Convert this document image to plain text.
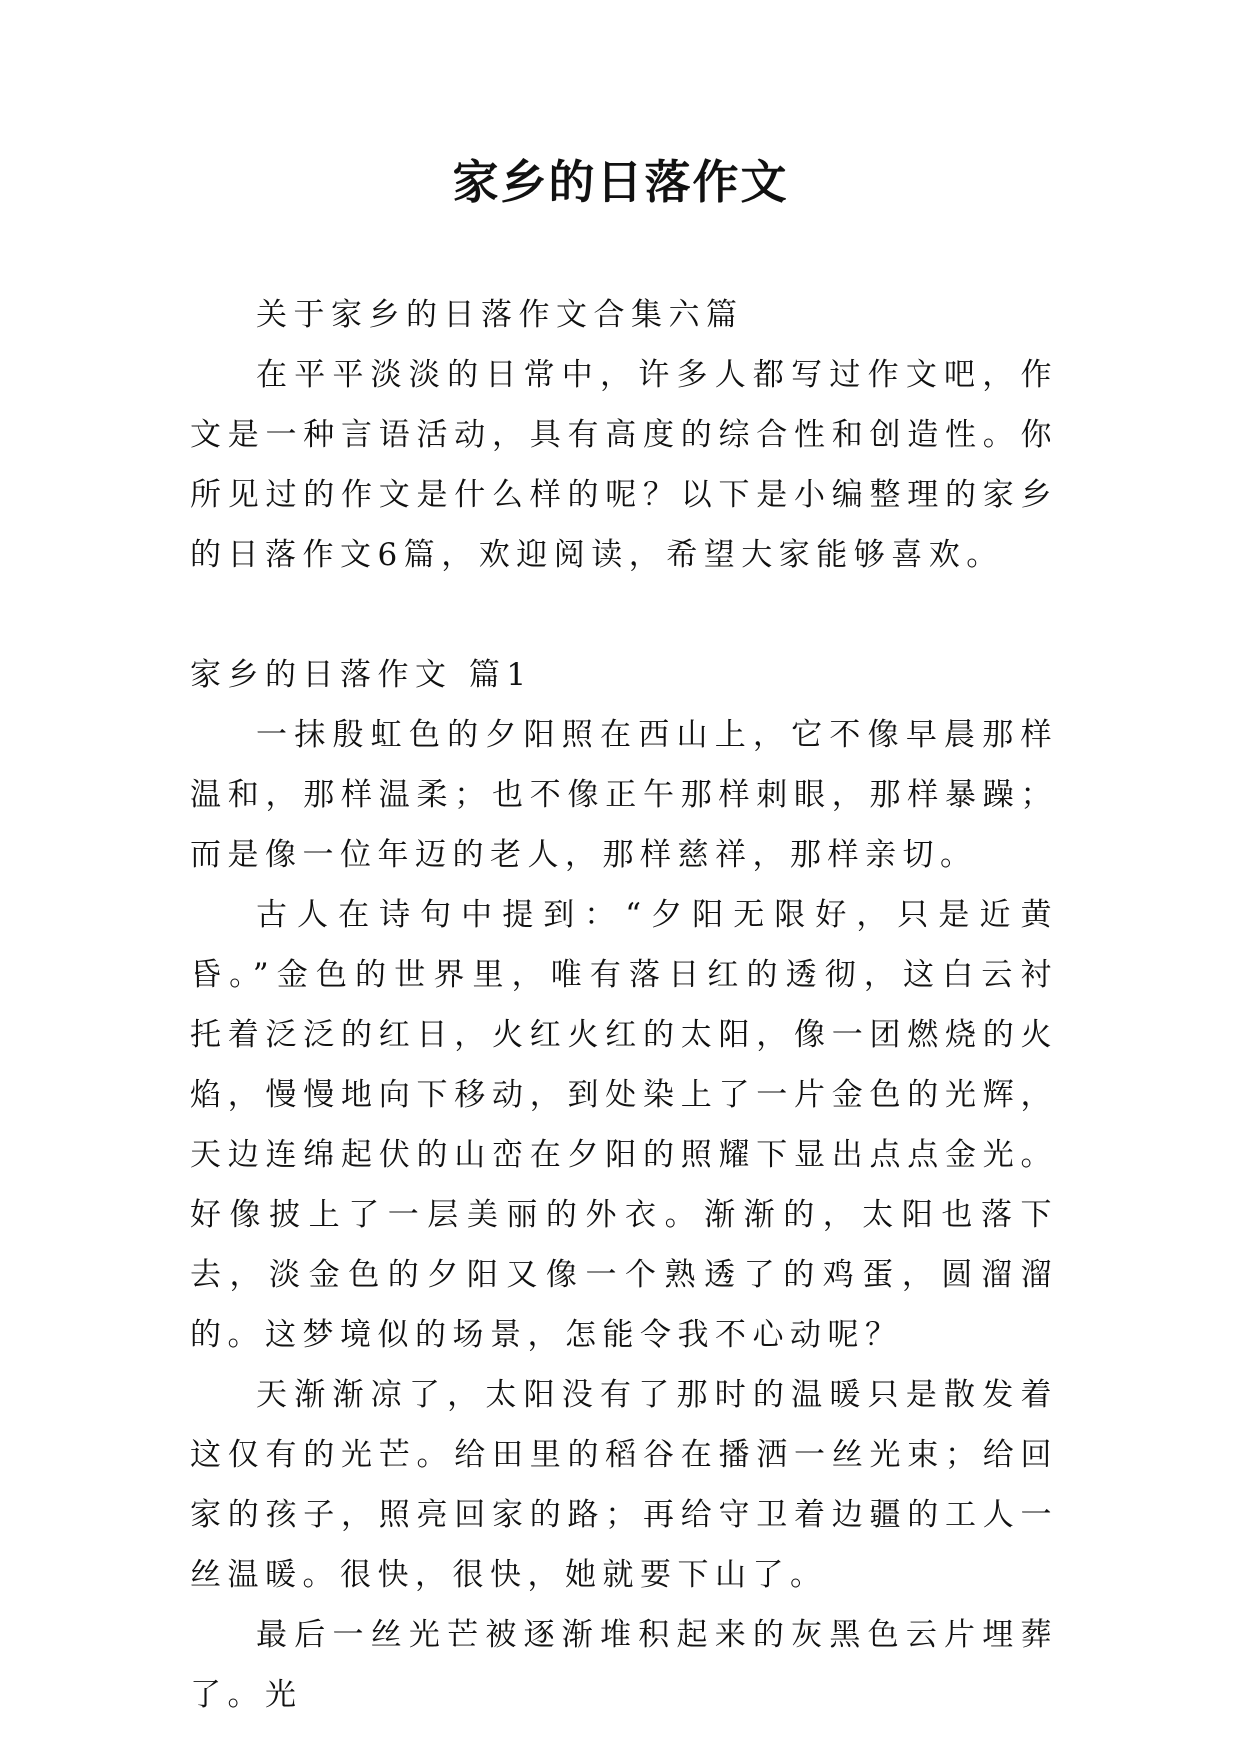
家乡的日落作文

关于家乡的日落作文合集六篇

在平平淡淡的日常中，许多人都写过作文吧，作文是一种言语活动，具有高度的综合性和创造性。你所见过的作文是什么样的呢？以下是小编整理的家乡的日落作文6篇，欢迎阅读，希望大家能够喜欢。

家乡的日落作文 篇1

一抹殷虹色的夕阳照在西山上，它不像早晨那样温和，那样温柔；也不像正午那样刺眼，那样暴躁；而是像一位年迈的老人，那样慈祥，那样亲切。

古人在诗句中提到：“夕阳无限好，只是近黄昏。”金色的世界里，唯有落日红的透彻，这白云衬托着泛泛的红日，火红火红的太阳，像一团燃烧的火焰，慢慢地向下移动，到处染上了一片金色的光辉，天边连绵起伏的山峦在夕阳的照耀下显出点点金光。好像披上了一层美丽的外衣。渐渐的，太阳也落下去，淡金色的夕阳又像一个熟透了的鸡蛋，圆溜溜的。这梦境似的场景，怎能令我不心动呢？

天渐渐凉了，太阳没有了那时的温暖只是散发着这仅有的光芒。给田里的稻谷在播洒一丝光束；给回家的孩子，照亮回家的路；再给守卫着边疆的工人一丝温暖。很快，很快，她就要下山了。

最后一丝光芒被逐渐堆积起来的灰黑色云片埋葬了。光
